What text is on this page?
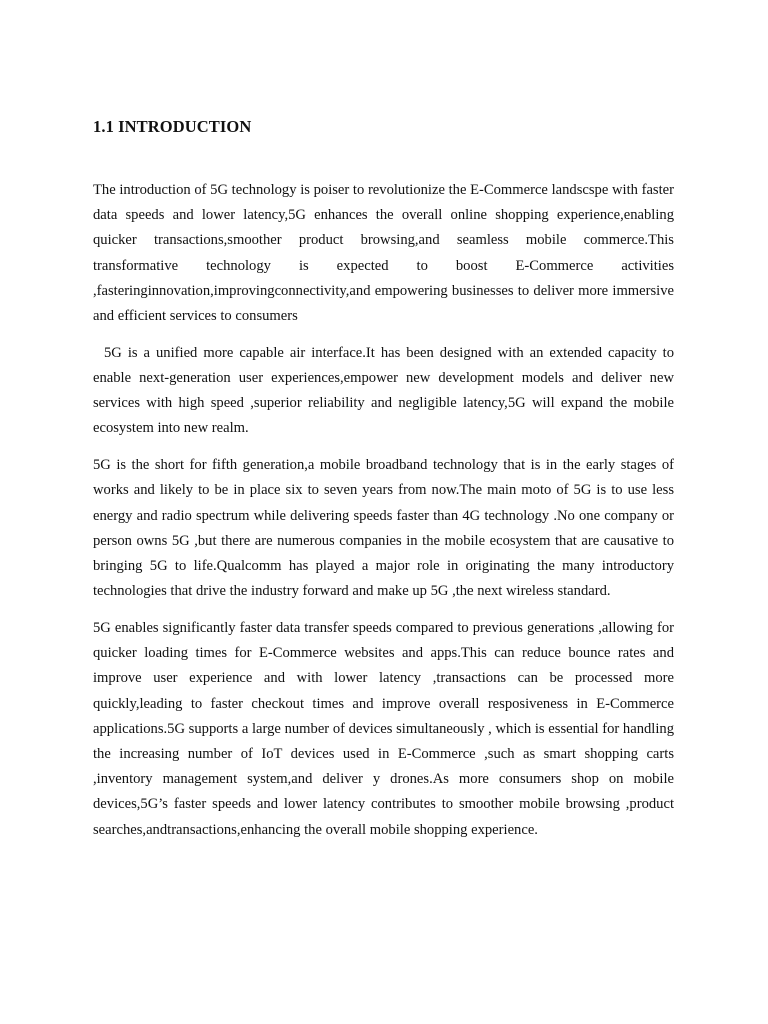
1.1 INTRODUCTION

The introduction of 5G technology is poiser to revolutionize the E-Commerce landscspe with faster data speeds and lower latency,5G enhances the overall online shopping experience,enabling quicker transactions,smoother product browsing,and seamless mobile commerce.This transformative technology is expected to boost E-Commerce activities ,fasteringinnovation,improvingconnectivity,and empowering businesses to deliver more immersive and efficient services to consumers

5G is a unified more capable air interface.It has been designed with an extended capacity to enable next-generation user experiences,empower new development models and deliver new services with high speed ,superior reliability and negligible latency,5G will expand the mobile ecosystem into new realm.

5G is the short for fifth generation,a mobile broadband technology that is in the early stages of works and likely to be in place six to seven years from now.The main moto of 5G is to use less energy and radio spectrum while delivering speeds faster than 4G technology .No one company or person owns 5G ,but there are numerous companies in the mobile ecosystem that are causative to bringing 5G to life.Qualcomm has played a major role in originating the many introductory technologies that drive the industry forward and make up 5G ,the next wireless standard.

5G enables significantly faster data transfer speeds compared to previous generations ,allowing for quicker loading times for E-Commerce websites and apps.This can reduce bounce rates and improve user experience and with lower latency ,transactions can be processed more quickly,leading to faster checkout times and improve overall resposiveness in E-Commerce applications.5G supports a large number of devices simultaneously , which is essential for handling the increasing number of IoT devices used in E-Commerce ,such as smart shopping carts ,inventory management system,and deliver y drones.As more consumers shop on mobile devices,5G’s faster speeds and lower latency contributes to smoother mobile browsing ,product searches,andtransactions,enhancing the overall mobile shopping experience.
